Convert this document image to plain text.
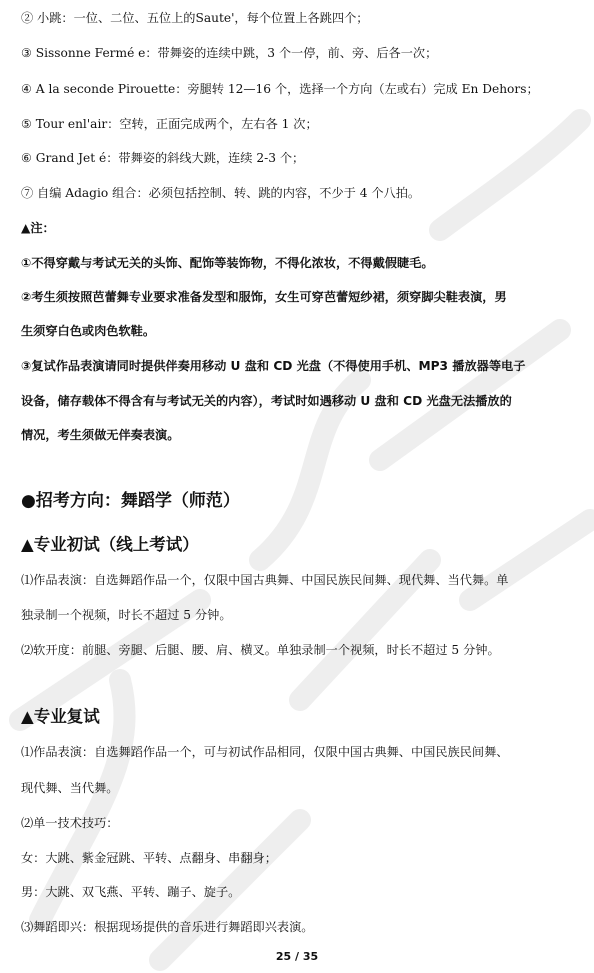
② 小跳：一位、二位、五位上的Saute'，每个位置上各跳四个；
③ Sissonne Fermé e：带舞姿的连续中跳，3 个一停，前、旁、后各一次；
④ A la seconde Pirouette：旁腿转 12—16 个，选择一个方向（左或右）完成 En Dehors；
⑤ Tour enl'air：空转，正面完成两个，左右各 1 次；
⑥ Grand Jet é：带舞姿的斜线大跳，连续 2-3 个；
⑦ 自编 Adagio 组合：必须包括控制、转、跳的内容，不少于 4 个八拍。
▲注：
①不得穿戴与考试无关的头饰、配饰等装饰物，不得化浓妆，不得戴假睫毛。
②考生须按照芭蕾舞专业要求准备发型和服饰，女生可穿芭蕾短纱裙，须穿脚尖鞋表演，男
生须穿白色或肉色软鞋。
③复试作品表演请同时提供伴奏用移动 U 盘和 CD 光盘（不得使用手机、MP3 播放器等电子
设备，储存载体不得含有与考试无关的内容），考试时如遇移动 U 盘和 CD 光盘无法播放的
情况，考生须做无伴奏表演。
●招考方向：舞蹈学（师范）
▲专业初试（线上考试）
⑴作品表演：自选舞蹈作品一个，仅限中国古典舞、中国民族民间舞、现代舞、当代舞。单
独录制一个视频，时长不超过 5 分钟。
⑵软开度：前腿、旁腿、后腿、腰、肩、横叉。单独录制一个视频，时长不超过 5 分钟。
▲专业复试
⑴作品表演：自选舞蹈作品一个，可与初试作品相同，仅限中国古典舞、中国民族民间舞、
现代舞、当代舞。
⑵单一技术技巧：
女：大跳、紫金冠跳、平转、点翻身、串翻身；
男：大跳、双飞燕、平转、蹦子、旋子。
⑶舞蹈即兴：根据现场提供的音乐进行舞蹈即兴表演。
25 / 35
